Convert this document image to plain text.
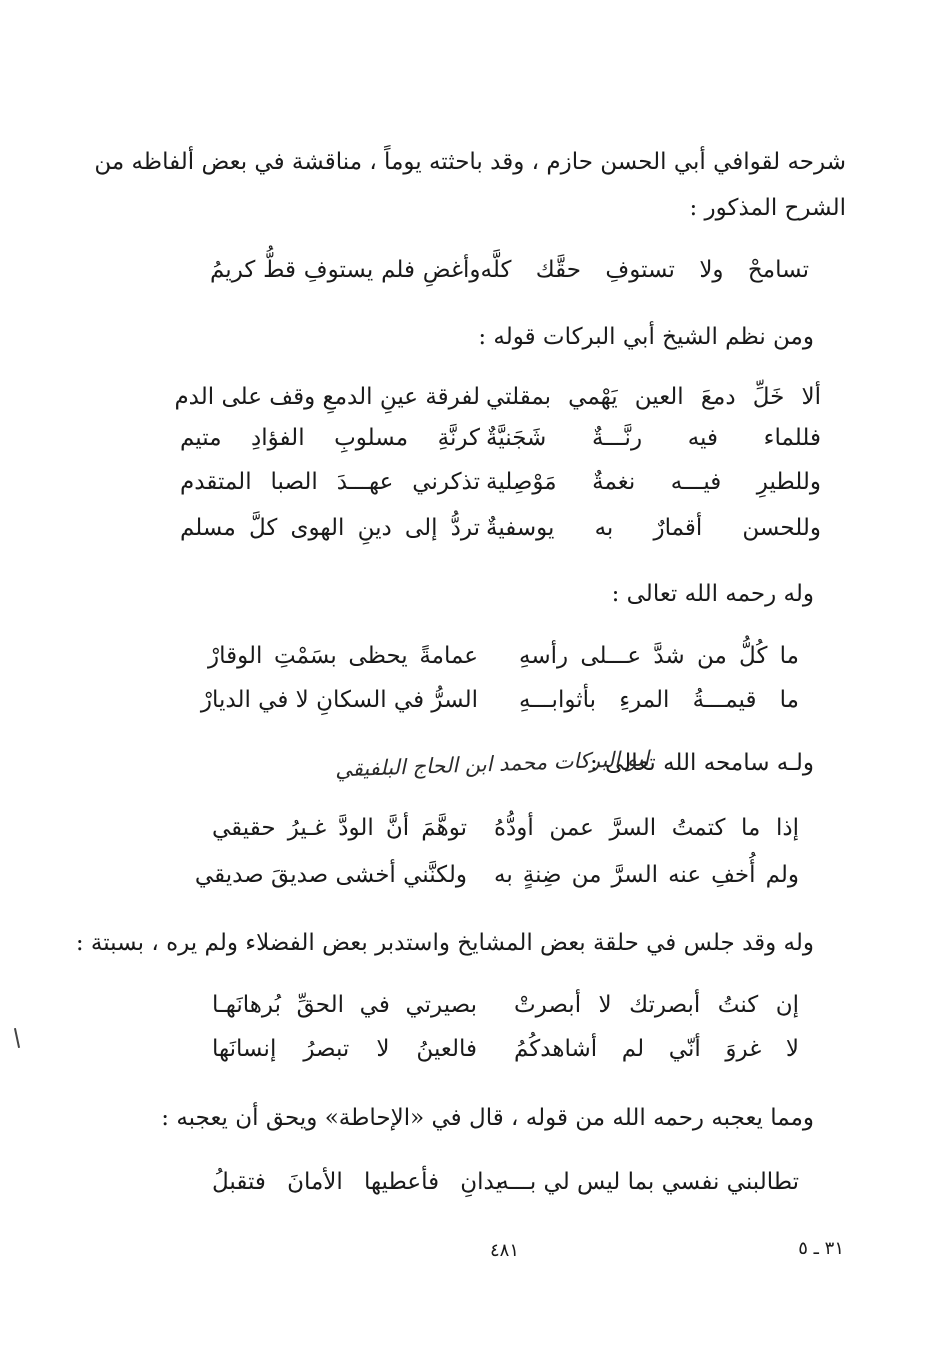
شرحه لقوافي أبي الحسن حازم ، وقد باحثته يوماً ، مناقشة في بعض ألفاظه من
الشرح المذكور :
تسامحْ ولا تستوفِ حقَّك كلَّه
وأغضِ فلم يستوفِ قطُّ كريمُ
ومن نظم الشيخ أبي البركات قوله :
ألا خَلِّ دمعَ العين يَهْمي بمقلتي
لفرقة عينِ الدمعِ وقف على الدم
فللماء فيه رنَّـــةٌ شَجَنيَّةٌ
كرنَّةِ مسلوبِ الفؤادِ متيم
وللطيرِ فيـــه نغمةٌ مَوْصِلية
تذكرني عهـــدَ الصبا المتقدم
وللحسن أقمارٌ به يوسفيةٌ
تردُّ إلى دينِ الهوى كلَّ مسلم
وله رحمه الله تعالى :
ما كُلُّ من شدَّ عـــلى رأسهِ
عمامةً يحظى بسَمْتِ الوقارْ
ما قيمـــةُ المرءِ بأثوابـــهِ
السرُّ في السكانِ لا في الديارْ
ولـه سامحه الله تعالى :
ابو البركات محمد ابن الحاج البلفيقي
إذا ما كتمتُ السرَّ عمن أودُّهُ
توهَّمَ أنَّ الودَّ غـيرُ حقيقي
ولم أُخفِ عنه السرَّ من ضِنةٍ به
ولكنَّني أخشى صديقَ صديقي
وله وقد جلس في حلقة بعض المشايخ واستدبر بعض الفضلاء ولم يره ، بسبتة :
إن كنتُ أبصرتك لا أبصرتْ
بصيرتي في الحقِّ بُرهانَهـا
لا غروَ أنّي لم أشاهدكُمُ
فالعينُ لا تبصرُ إنسانَها
ومما يعجبه رحمه الله من قوله ، قال في «الإحاطة» ويحق أن يعجبه :
تطالبني نفسي بما ليس لي بـــه
يدانِ فأعطيها الأمانَ فتقبلُ
٤٨١	٣١ ـ ٥
